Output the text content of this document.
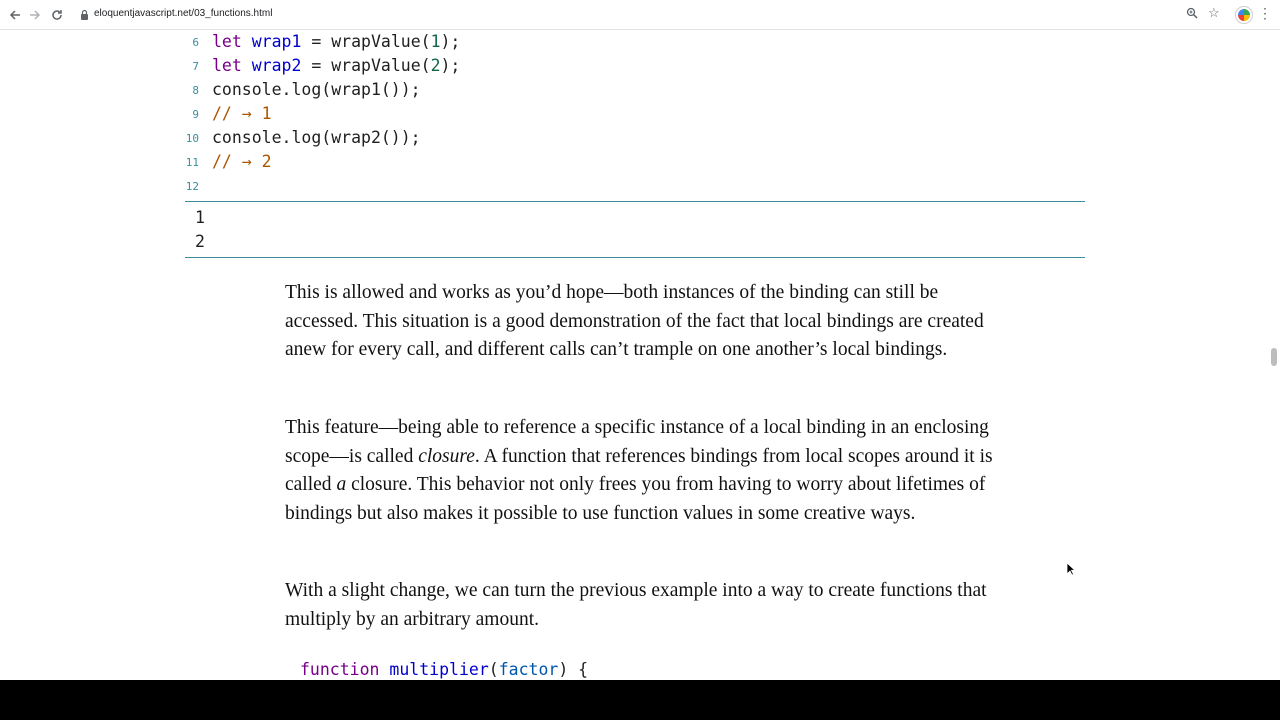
eloquentjavascript.net/03_functions.html	☆	⋮
6 let wrap1 = wrapValue(1);
7 let wrap2 = wrapValue(2);
8 console.log(wrap1());
9 // → 1
10 console.log(wrap2());
11 // → 2
12
1
2

This is allowed and works as you’d hope—both instances of the binding can still be accessed. This situation is a good demonstration of the fact that local bindings are created anew for every call, and different calls can’t trample on one another’s local bindings.

This feature—being able to reference a specific instance of a local binding in an enclosing scope—is called closure. A function that references bindings from local scopes around it is called a closure. This behavior not only frees you from having to worry about lifetimes of bindings but also makes it possible to use function values in some creative ways.

With a slight change, we can turn the previous example into a way to create functions that multiply by an arbitrary amount.

function multiplier(factor) {
